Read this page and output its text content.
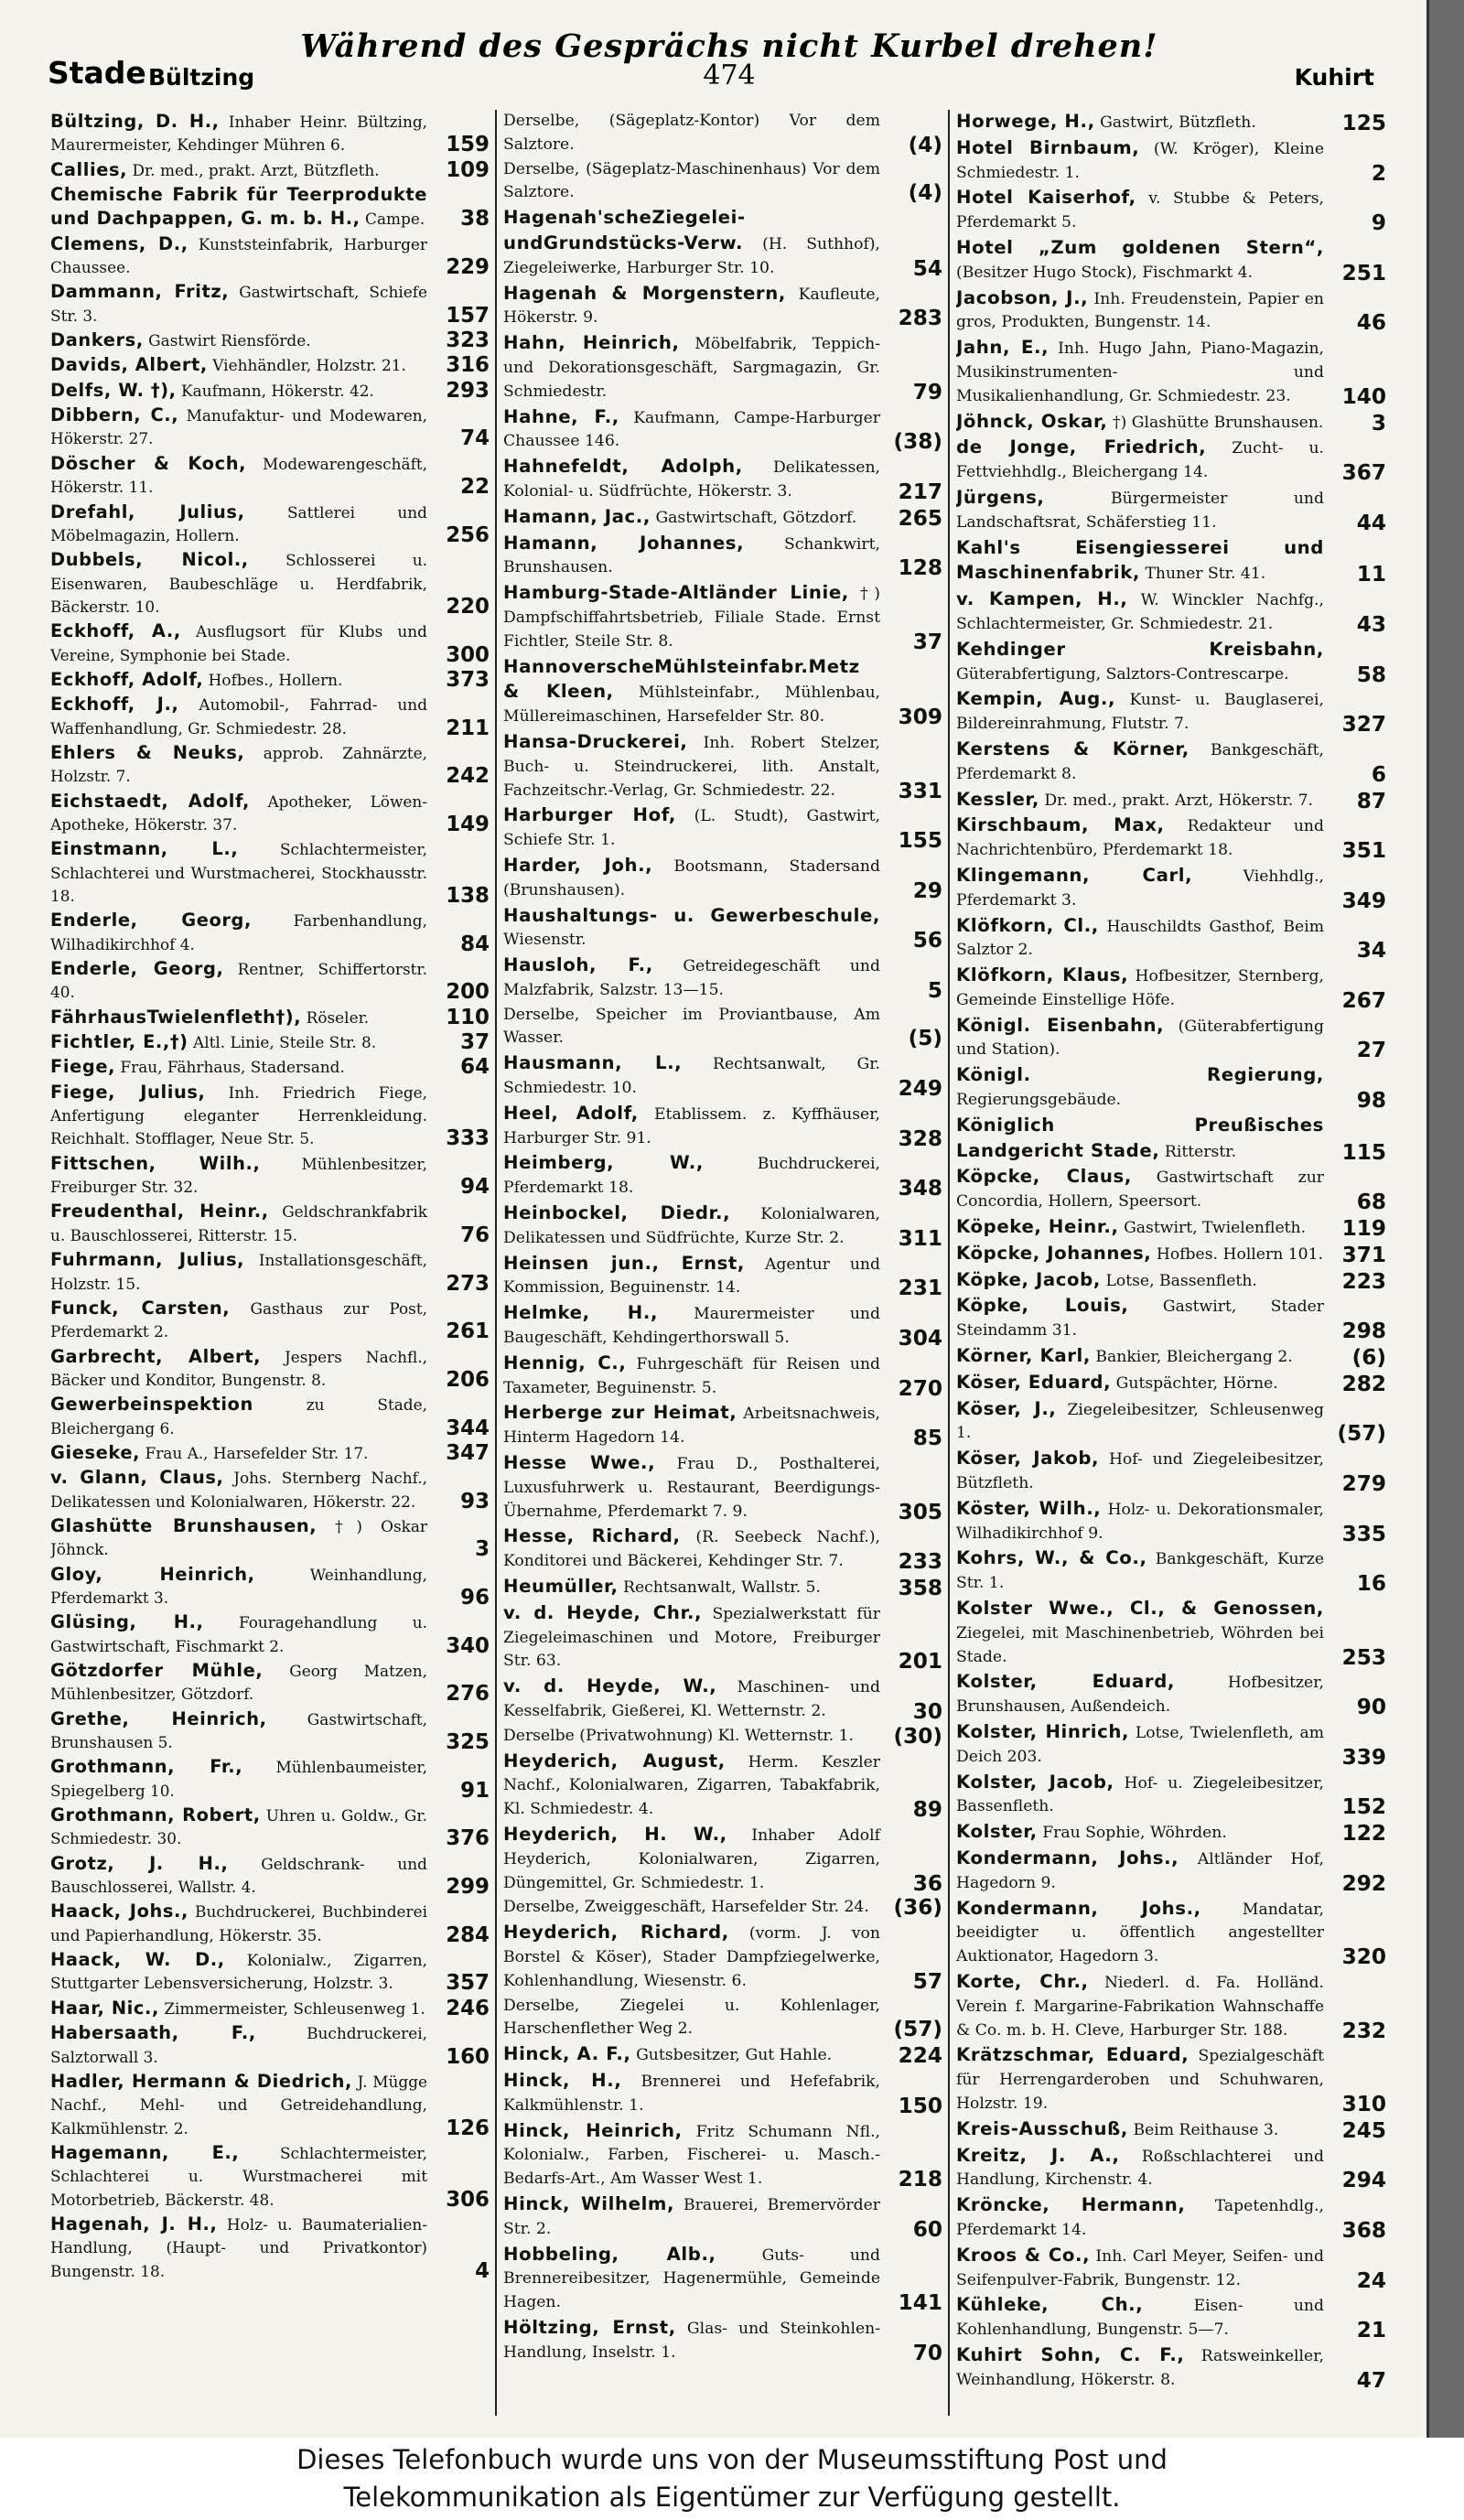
Während des Gesprächs nicht Kurbel drehen!
Stade Bültzing	474	Kuhirt
Bültzing, D. H., Inhaber Heinr. Bültzing, Maurermeister, Kehdinger Mühren 6.	159
Callies, Dr. med., prakt. Arzt, Bützfleth.	109
Chemische Fabrik für Teerprodukte und Dachpappen, G. m. b. H., Campe. 38
Clemens, D., Kunststeinfabrik, Harburger Chaussee.	229
Dammann, Fritz, Gastwirtschaft, Schiefe Str. 3.	157
Dankers, Gastwirt Riensförde.	323
Davids, Albert, Viehhändler, Holzstr. 21. 316
Delfs, W. †), Kaufmann, Hökerstr. 42.	293
Dibbern, C., Manufaktur- und Modewaren, Hökerstr. 27.	74
Döscher & Koch, Modewarengeschäft, Hökerstr. 11.	22
Drefahl, Julius,	Sattlerei und Möbelmagazin, Hollern.	256
Dubbels, Nicol., Schlosserei u. Eisenwaren, Baubeschläge u. Herdfabrik, Bäckerstr. 10.	220
Eckhoff, A., Ausflugsort für Klubs und Vereine, Symphonie bei Stade.	300
Eckhoff, Adolf, Hofbes., Hollern.	373
Eckhoff, J., Automobil-, Fahrrad- und Waffenhandlung, Gr. Schmiedestr. 28.	211
Ehlers & Neuks, approb. Zahnärzte, Holzstr. 7.	242
Eichstaedt, Adolf, Apotheker, Löwen-Apotheke, Hökerstr. 37.	149
Einstmann, L.,	Schlachtermeister, Schlachterei und Wurstmacherei, Stockhausstr. 18.	138
Enderle, Georg,	Farbenhandlung, Wilhadikirchhof 4.	84
Enderle, Georg, Rentner, Schiffertorstr. 40.	200
FährhausTwielenfleth†), Röseler.	110
Fichtler, E.,†) Altl. Linie, Steile Str. 8.	37
Fiege, Frau, Fährhaus, Stadersand.	64
Fiege, Julius, Inh. Friedrich Fiege, Anfertigung eleganter Herrenkleidung. Reichhalt. Stofflager, Neue Str. 5.	333
Fittschen, Wilh.,	Mühlenbesitzer, Freiburger Str. 32.	94
Freudenthal, Heinr., Geldschrankfabrik u. Bauschlosserei, Ritterstr. 15.	76
Fuhrmann, Julius, Installationsgeschäft, Holzstr. 15.	273
Funck, Carsten, Gasthaus zur Post, Pferdemarkt 2.	261
Garbrecht, Albert, Jespers Nachfl., Bäcker und Konditor, Bungenstr. 8.	206
Gewerbeinspektion	zu Stade, Bleichergang 6.	344
Gieseke, Frau A., Harsefelder Str. 17.	347
v. Glann, Claus, Johs. Sternberg Nachf., Delikatessen und Kolonialwaren, Hökerstr. 22. 93
Glashütte Brunshausen, †) Oskar Jöhnck.	3
Gloy, Heinrich,	Weinhandlung, Pferdemarkt 3.	96
Glüsing, H., Fouragehandlung u. Gastwirtschaft, Fischmarkt 2.	340
Götzdorfer Mühle, Georg Matzen, Mühlenbesitzer, Götzdorf.	276
Grethe, Heinrich,	Gastwirtschaft, Brunshausen 5.	325
Grothmann, Fr., Mühlenbaumeister, Spiegelberg 10.	91
Grothmann, Robert, Uhren u. Goldw., Gr. Schmiedestr. 30.	376
Grotz, J. H., Geldschrank- und Bauschlosserei, Wallstr. 4.	299
Haack, Johs., Buchdruckerei, Buchbinderei und Papierhandlung, Hökerstr. 35.	284
Haack, W. D., Kolonialw., Zigarren, Stuttgarter Lebensversicherung, Holzstr. 3.	357
Haar, Nic., Zimmermeister, Schleusenweg 1. 246
Habersaath, F.,	Buchdruckerei, Salztorwall 3.	160
Hadler, Hermann & Diedrich, J. Mügge Nachf., Mehl- und Getreidehandlung, Kalkmühlenstr. 2.	126
Hagemann, E.,	Schlachtermeister, Schlachterei u. Wurstmacherei mit Motorbetrieb, Bäckerstr. 48.	306
Hagenah, J. H., Holz- u. Baumaterialien-Handlung, (Haupt- und Privatkontor) Bungenstr. 18.	4
Derselbe, (Sägeplatz-Kontor) Vor dem Salztore.	(4)
Derselbe, (Sägeplatz-Maschinenhaus) Vor dem Salztore.	(4)
Hagenah'scheZiegelei-undGrundstücks-Verw. (H. Suthhof), Ziegeleiwerke, Harburger Str. 10.	54
Hagenah & Morgenstern, Kaufleute, Hökerstr. 9.	283
Hahn, Heinrich, Möbelfabrik, Teppich- und Dekorationsgeschäft, Sargmagazin, Gr. Schmiedestr.	79
Hahne, F., Kaufmann, Campe-Harburger Chaussee 146.	(38)
Hahnefeldt, Adolph, Delikatessen, Kolonial- u. Südfrüchte, Hökerstr. 3.	217
Hamann, Jac., Gastwirtschaft, Götzdorf. 265
Hamann, Johannes,	Schankwirt, Brunshausen.	128
Hamburg-Stade-Altländer Linie, †) Dampfschiffahrtsbetrieb, Filiale Stade. Ernst Fichtler, Steile Str. 8.	37
HannoverscheMühlsteinfabr.Metz & Kleen, Mühlsteinfabr., Mühlenbau, Müllereimaschinen, Harsefelder Str. 80.	309
Hansa-Druckerei, Inh. Robert Stelzer, Buch- u. Steindruckerei, lith. Anstalt, Fachzeitschr.-Verlag, Gr. Schmiedestr. 22.	331
Harburger Hof, (L. Studt), Gastwirt, Schiefe Str. 1.	155
Harder, Joh., Bootsmann, Stadersand (Brunshausen).	29
Haushaltungs- u. Gewerbeschule, Wiesenstr.	56
Hausloh, F., Getreidegeschäft und Malzfabrik, Salzstr. 13—15.	5
Derselbe, Speicher im Proviantbause, Am Wasser.	(5)
Hausmann, L., Rechtsanwalt, Gr. Schmiedestr. 10.	249
Heel, Adolf, Etablissem. z. Kyffhäuser, Harburger Str. 91.	328
Heimberg, W.,	Buchdruckerei, Pferdemarkt 18.	348
Heinbockel, Diedr., Kolonialwaren, Delikatessen und Südfrüchte, Kurze Str. 2.	311
Heinsen jun., Ernst, Agentur und Kommission, Beguinenstr. 14.	231
Helmke, H., Maurermeister und Baugeschäft, Kehdingerthorswall 5.	304
Hennig, C., Fuhrgeschäft für Reisen und Taxameter, Beguinenstr. 5.	270
Herberge zur Heimat, Arbeitsnachweis, Hinterm Hagedorn 14.	85
Hesse Wwe., Frau D., Posthalterei, Luxusfuhrwerk u. Restaurant, Beerdigungs-Übernahme, Pferdemarkt 7. 9.	305
Hesse, Richard, (R. Seebeck Nachf.), Konditorei und Bäckerei, Kehdinger Str. 7.	233
Heumüller, Rechtsanwalt, Wallstr. 5.	358
v. d. Heyde, Chr., Spezialwerkstatt für Ziegeleimaschinen und Motore, Freiburger Str. 63.	201
v. d. Heyde, W., Maschinen- und Kesselfabrik, Gießerei, Kl. Wetternstr. 2.	30
Derselbe (Privatwohnung) Kl. Wetternstr. 1. (30)
Heyderich, August, Herm. Keszler Nachf., Kolonialwaren, Zigarren, Tabakfabrik, Kl. Schmiedestr. 4.	89
Heyderich, H. W., Inhaber Adolf Heyderich, Kolonialwaren, Zigarren, Düngemittel, Gr. Schmiedestr. 1.	36
Derselbe, Zweiggeschäft, Harsefelder Str. 24. (36)
Heyderich, Richard, (vorm. J. von Borstel & Köser), Stader Dampfziegelwerke, Kohlenhandlung, Wiesenstr. 6.	57
Derselbe, Ziegelei u. Kohlenlager, Harschenflether Weg 2.	(57)
Hinck, A. F., Gutsbesitzer, Gut Hahle.	224
Hinck, H., Brennerei und Hefefabrik, Kalkmühlenstr. 1.	150
Hinck, Heinrich, Fritz Schumann Nfl., Kolonialw., Farben, Fischerei- u. Masch.-Bedarfs-Art., Am Wasser West 1.	218
Hinck, Wilhelm, Brauerei, Bremervörder Str. 2.	60
Hobbeling, Alb.,	Guts- und Brennereibesitzer, Hagenermühle, Gemeinde Hagen.	141
Höltzing, Ernst, Glas- und Steinkohlen-Handlung, Inselstr. 1.	70
Horwege, H., Gastwirt, Bützfleth.	125
Hotel Birnbaum, (W. Kröger), Kleine Schmiedestr. 1.	2
Hotel Kaiserhof, v. Stubbe & Peters, Pferdemarkt 5.	9
Hotel „Zum goldenen Stern“, (Besitzer Hugo Stock), Fischmarkt 4.	251
Jacobson, J., Inh. Freudenstein, Papier en gros, Produkten, Bungenstr. 14.	46
Jahn, E., Inh. Hugo Jahn, Piano-Magazin, Musikinstrumenten- und Musikalienhandlung, Gr. Schmiedestr. 23. 140
Jöhnck, Oskar, †) Glashütte Brunshausen. 3
de Jonge, Friedrich, Zucht- u. Fettviehhdlg., Bleichergang 14.	367
Jürgens,	Bürgermeister und Landschaftsrat, Schäferstieg 11.	44
Kahl's Eisengiesserei und Maschinenfabrik, Thuner Str. 41.	11
v. Kampen, H., W. Winckler Nachfg., Schlachtermeister, Gr. Schmiedestr. 21.	43
Kehdinger Kreisbahn, Güterabfertigung, Salztors-Contrescarpe.	58
Kempin, Aug., Kunst- u. Bauglaserei, Bildereinrahmung, Flutstr. 7.	327
Kerstens & Körner, Bankgeschäft, Pferdemarkt 8.	6
Kessler, Dr. med., prakt. Arzt, Hökerstr. 7. 87
Kirschbaum, Max, Redakteur und Nachrichtenbüro, Pferdemarkt 18.	351
Klingemann, Carl,	Viehhdlg., Pferdemarkt 3.	349
Klöfkorn, Cl., Hauschildts Gasthof, Beim Salztor 2.	34
Klöfkorn, Klaus, Hofbesitzer, Sternberg, Gemeinde Einstellige Höfe.	267
Königl. Eisenbahn, (Güterabfertigung und Station).	27
Königl. Regierung, Regierungsgebäude.	98
Königlich Preußisches Landgericht Stade, Ritterstr.	115
Köpcke, Claus, Gastwirtschaft zur Concordia, Hollern, Speersort.	68
Köpeke, Heinr., Gastwirt, Twielenfleth. 119
Köpcke, Johannes, Hofbes. Hollern 101. 371
Köpke, Jacob, Lotse, Bassenfleth.	223
Köpke, Louis, Gastwirt, Stader Steindamm 31.	298
Körner, Karl, Bankier, Bleichergang 2.	(6)
Köser, Eduard, Gutspächter, Hörne.	282
Köser, J., Ziegeleibesitzer, Schleusenweg 1.	(57)
Köser, Jakob, Hof- und Ziegeleibesitzer, Bützfleth.	279
Köster, Wilh., Holz- u. Dekorationsmaler, Wilhadikirchhof 9.	335
Kohrs, W., & Co., Bankgeschäft, Kurze Str. 1.	16
Kolster Wwe., Cl., & Genossen, Ziegelei, mit Maschinenbetrieb, Wöhrden bei Stade.	253
Kolster, Eduard,	Hofbesitzer, Brunshausen, Außendeich.	90
Kolster, Hinrich, Lotse, Twielenfleth, am Deich 203.	339
Kolster, Jacob, Hof- u. Ziegeleibesitzer, Bassenfleth.	152
Kolster, Frau Sophie, Wöhrden.	122
Kondermann, Johs., Altländer Hof, Hagedorn 9.	292
Kondermann, Johs.,	Mandatar, beeidigter u. öffentlich angestellter Auktionator, Hagedorn 3.	320
Korte, Chr., Niederl. d. Fa. Holländ. Verein f. Margarine-Fabrikation Wahnschaffe & Co. m. b. H. Cleve, Harburger Str. 188.	232
Krätzschmar, Eduard, Spezialgeschäft für Herrengarderoben und Schuhwaren, Holzstr. 19.	310
Kreis-Ausschuß, Beim Reithause 3.	245
Kreitz, J. A., Roßschlachterei und Handlung, Kirchenstr. 4.	294
Kröncke, Hermann, Tapetenhdlg., Pferdemarkt 14.	368
Kroos & Co., Inh. Carl Meyer, Seifen- und Seifenpulver-Fabrik, Bungenstr. 12.	24
Kühleke, Ch.,	Eisen- und Kohlenhandlung, Bungenstr. 5—7.	21
Kuhirt Sohn, C. F., Ratsweinkeller, Weinhandlung, Hökerstr. 8.	47
Dieses Telefonbuch wurde uns von der Museumsstiftung Post und
Telekommunikation als Eigentümer zur Verfügung gestellt.
